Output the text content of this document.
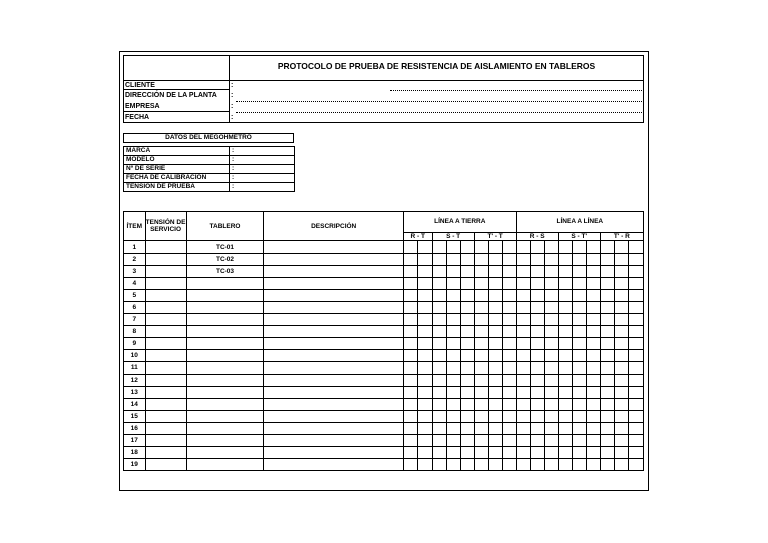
PROTOCOLO DE PRUEBA DE RESISTENCIA DE AISLAMIENTO EN TABLEROS
CLIENTE	:
DIRECCIÓN DE LA PLANTA :
EMPRESA	:
FECHA	:
DATOS DEL MEGÓHMETRO
MARCA	:
MODELO	:
Nº DE SERIE	:
FECHA DE CALIBRACIÓN	:
TENSIÓN DE PRUEBA	:
ÍTEM	TENSIÓN DE SERVICIO	TABLERO	DESCRIPCIÓN	LÍNEA A TIERRA								LÍNEA A LÍNEA								
				R - T		S - T			T' - T			R - S			S - T'			T' - R		
1		TC-01																		
2		TC-02																		
3		TC-03																		
4																				
5																				
6																				
7																				
8																				
9																				
10																				
11																				
12																				
13																				
14																				
15																				
16																				
17																				
18																				
19																				
